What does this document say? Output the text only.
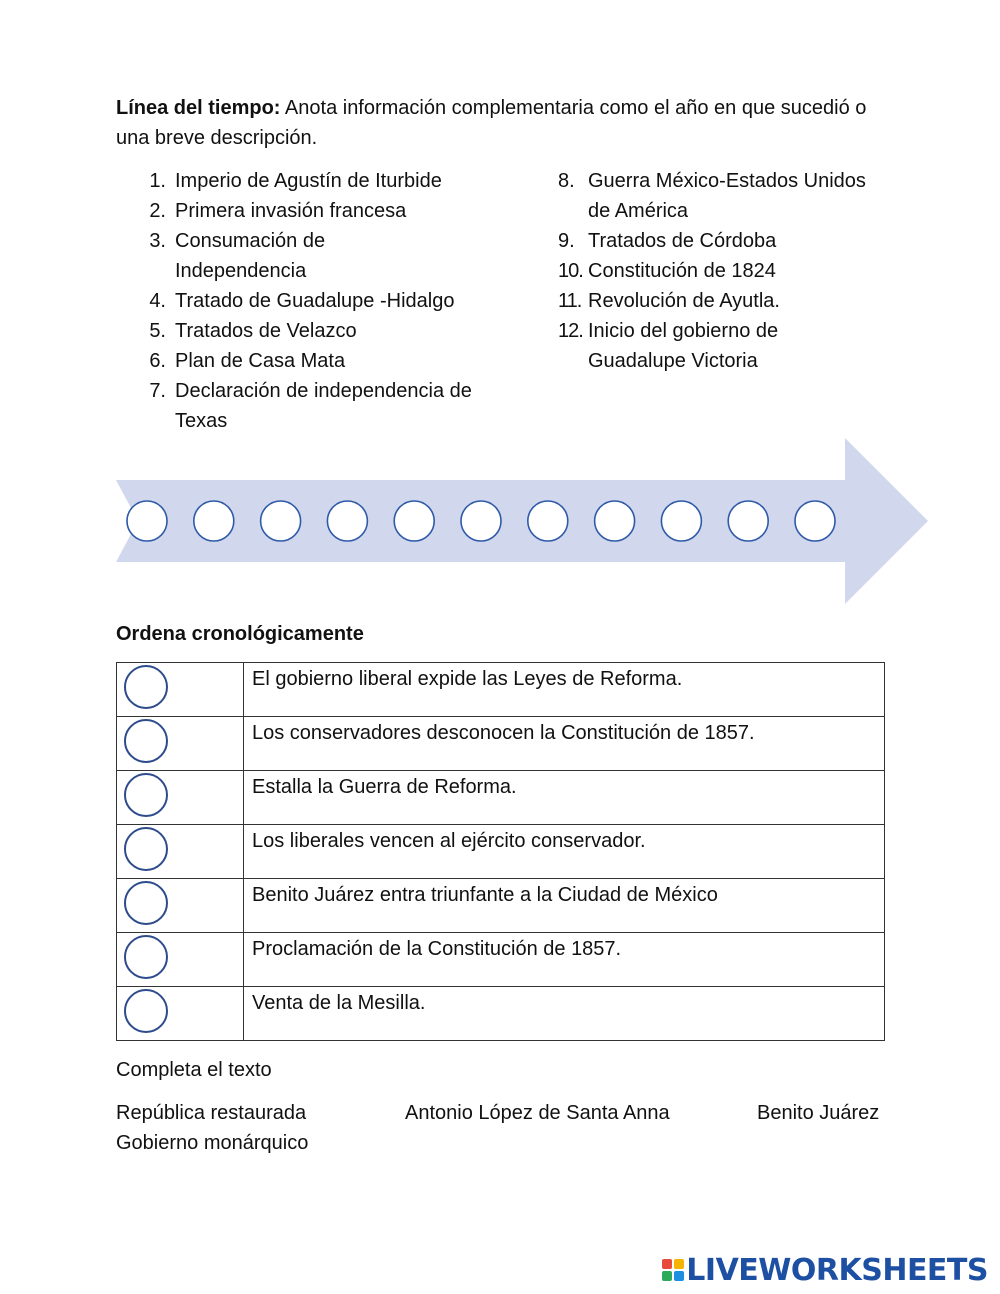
Línea del tiempo: Anota información complementaria como el año en que sucedió o una breve descripción.
1. Imperio de Agustín de Iturbide
2. Primera invasión francesa
3. Consumación de Independencia
4. Tratado de Guadalupe -Hidalgo
5. Tratados de Velazco
6. Plan de Casa Mata
7. Declaración de independencia de Texas
8. Guerra México-Estados Unidos de América
9. Tratados de Córdoba
10. Constitución de 1824
11. Revolución de Ayutla.
12. Inicio del gobierno de Guadalupe Victoria
Ordena cronológicamente
	El gobierno liberal expide las Leyes de Reforma.

	Los conservadores desconocen la Constitución de 1857.

	Estalla la Guerra de Reforma.

	Los liberales vencen al ejército conservador.

	Benito Juárez entra triunfante a la Ciudad de México

	Proclamación de la Constitución de 1857.

	Venta de la Mesilla.
Completa el texto
República restaurada	Antonio López de Santa Anna	Benito Juárez
Gobierno monárquico
LIVEWORKSHEETS
